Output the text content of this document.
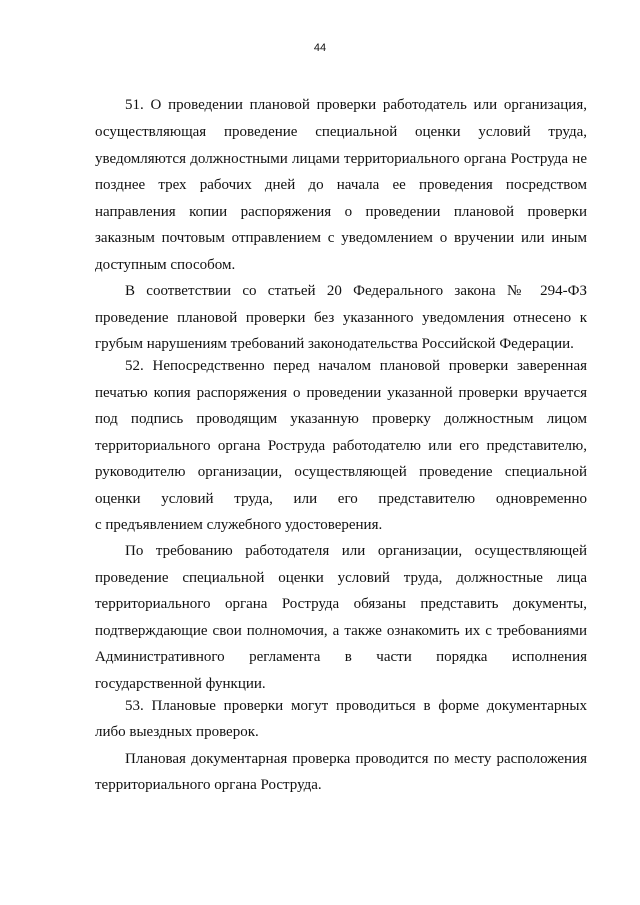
44
51. О проведении плановой проверки работодатель или организация,
осуществляющая проведение специальной оценки условий труда,
уведомляются должностными лицами территориального органа Роструда не
позднее трех рабочих дней до начала ее проведения посредством
направления копии распоряжения о проведении плановой проверки
заказным почтовым отправлением с уведомлением о вручении или иным
доступным способом.
В соответствии со статьей 20 Федерального закона № 294-ФЗ
проведение плановой проверки без указанного уведомления отнесено к
грубым нарушениям требований законодательства Российской Федерации.
52. Непосредственно перед началом плановой проверки заверенная
печатью копия распоряжения о проведении указанной проверки вручается
под подпись проводящим указанную проверку должностным лицом
территориального органа Роструда работодателю или его представителю,
руководителю организации, осуществляющей проведение специальной
оценки условий труда, или его представителю одновременно
с предъявлением служебного удостоверения.
По требованию работодателя или организации, осуществляющей
проведение специальной оценки условий труда, должностные лица
территориального органа Роструда обязаны представить документы,
подтверждающие свои полномочия, а также ознакомить их с требованиями
Административного регламента в части порядка исполнения
государственной функции.
53. Плановые проверки могут проводиться в форме документарных
либо выездных проверок.
Плановая документарная проверка проводится по месту расположения
территориального органа Роструда.
